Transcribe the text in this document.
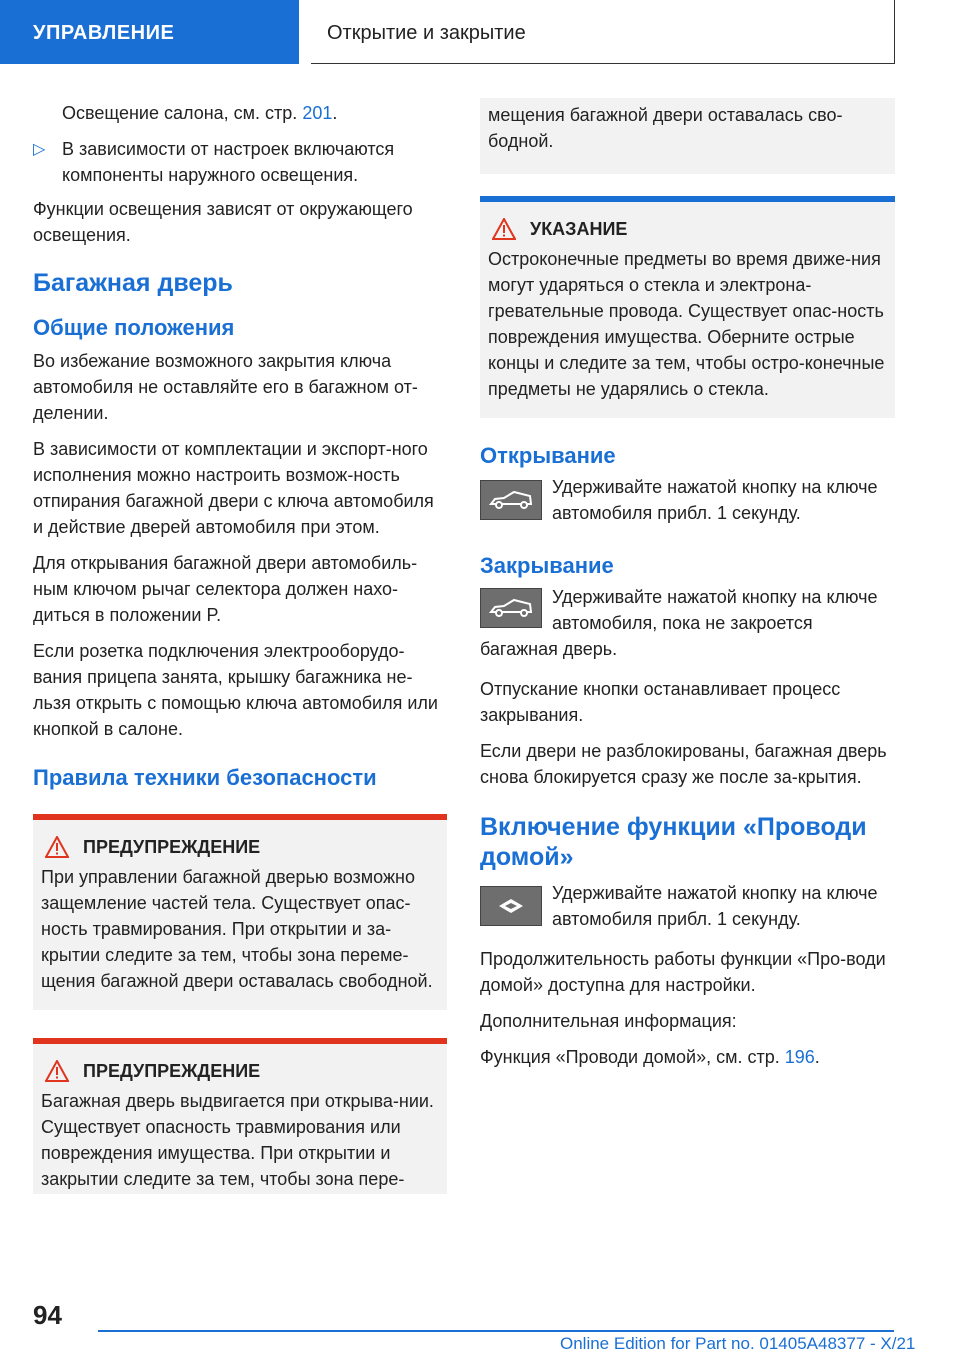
УПРАВЛЕНИЕ	Открытие и закрытие

Освещение салона, см. стр. 201.

▷ В зависимости от настроек включаются компоненты наружного освещения.

Функции освещения зависят от окружающего освещения.

Багажная дверь
Общие положения

Во избежание возможного закрытия ключа автомобиля не оставляйте его в багажном от-делении.

В зависимости от комплектации и экспорт-ного исполнения можно настроить возмож-ность отпирания багажной двери с ключа автомобиля и действие дверей автомобиля при этом.

Для открывания багажной двери автомобиль-ным ключом рычаг селектора должен нахо-диться в положении P.

Если розетка подключения электрооборудо-вания прицепа занята, крышку багажника не-льзя открыть с помощью ключа автомобиля или кнопкой в салоне.

Правила техники безопасности
ПРЕДУПРЕЖДЕНИЕ
При управлении багажной дверью возможно защемление частей тела. Существует опас-ность травмирования. При открытии и за-крытии следите за тем, чтобы зона переме-щения багажной двери оставалась свободной.
ПРЕДУПРЕЖДЕНИЕ
Багажная дверь выдвигается при открыва-нии. Существует опасность травмирования или повреждения имущества. При открытии и закрытии следите за тем, чтобы зона пере-
мещения багажной двери оставалась сво-бодной.
УКАЗАНИЕ
Остроконечные предметы во время движе-ния могут ударяться о стекла и электрона-гревательные провода. Существует опас-ность повреждения имущества. Оберните острые концы и следите за тем, чтобы остро-конечные предметы не ударялись о стекла.
Открывание
Удерживайте нажатой кнопку на ключе автомобиля прибл. 1 секунду.
Закрывание
Удерживайте нажатой кнопку на ключе автомобиля, пока не закроется багажная дверь.

Отпускание кнопки останавливает процесс закрывания.

Если двери не разблокированы, багажная дверь снова блокируется сразу же после за-крытия.

Включение функции «Проводи домой»
Удерживайте нажатой кнопку на ключе автомобиля прибл. 1 секунду.

Продолжительность работы функции «Про-води домой» доступна для настройки.

Дополнительная информация:

Функция «Проводи домой», см. стр. 196.

94
Online Edition for Part no. 01405A48377 - X/21
